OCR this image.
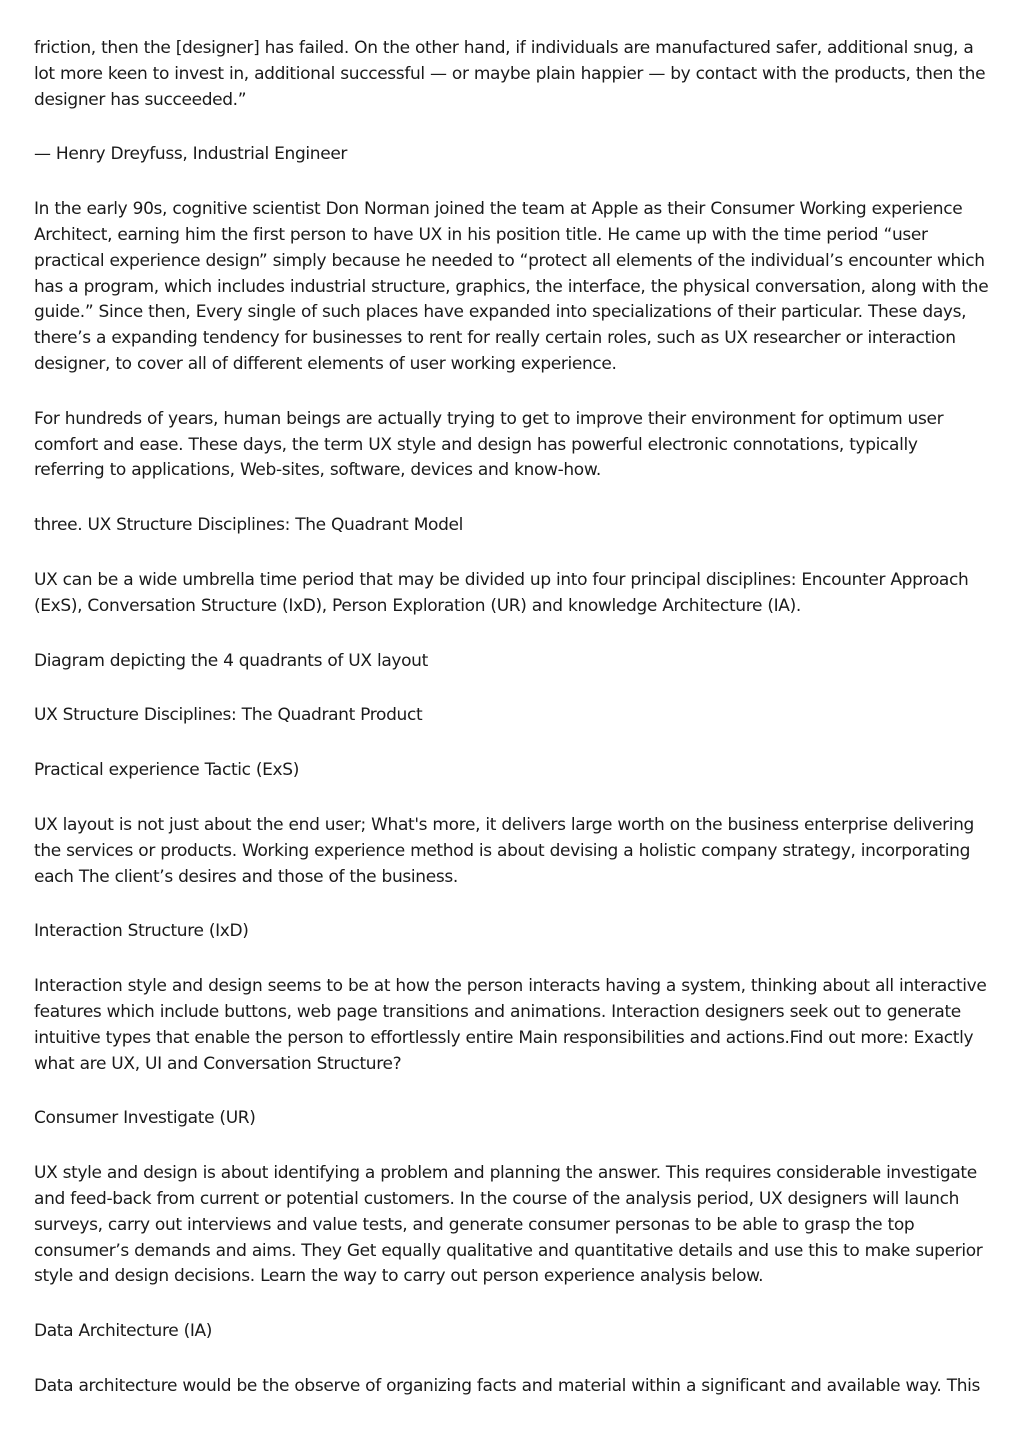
friction, then the [designer] has failed. On the other hand, if individuals are manufactured safer, additional snug, a lot more keen to invest in, additional successful — or maybe plain happier — by contact with the products, then the designer has succeeded.”

— Henry Dreyfuss, Industrial Engineer

In the early 90s, cognitive scientist Don Norman joined the team at Apple as their Consumer Working experience Architect, earning him the first person to have UX in his position title. He came up with the time period “user practical experience design” simply because he needed to “protect all elements of the individual’s encounter which has a program, which includes industrial structure, graphics, the interface, the physical conversation, along with the guide.” Since then, Every single of such places have expanded into specializations of their particular. These days, there’s a expanding tendency for businesses to rent for really certain roles, such as UX researcher or interaction designer, to cover all of different elements of user working experience.

For hundreds of years, human beings are actually trying to get to improve their environment for optimum user comfort and ease. These days, the term UX style and design has powerful electronic connotations, typically referring to applications, Web-sites, software, devices and know-how.

three. UX Structure Disciplines: The Quadrant Model

UX can be a wide umbrella time period that may be divided up into four principal disciplines: Encounter Approach (ExS), Conversation Structure (IxD), Person Exploration (UR) and knowledge Architecture (IA).

Diagram depicting the 4 quadrants of UX layout

UX Structure Disciplines: The Quadrant Product

Practical experience Tactic (ExS)

UX layout is not just about the end user; What's more, it delivers large worth on the business enterprise delivering the services or products. Working experience method is about devising a holistic company strategy, incorporating each The client’s desires and those of the business.

Interaction Structure (IxD)

Interaction style and design seems to be at how the person interacts having a system, thinking about all interactive features which include buttons, web page transitions and animations. Interaction designers seek out to generate intuitive types that enable the person to effortlessly entire Main responsibilities and actions.Find out more: Exactly what are UX, UI and Conversation Structure?

Consumer Investigate (UR)

UX style and design is about identifying a problem and planning the answer. This requires considerable investigate and feed-back from current or potential customers. In the course of the analysis period, UX designers will launch surveys, carry out interviews and value tests, and generate consumer personas to be able to grasp the top consumer’s demands and aims. They Get equally qualitative and quantitative details and use this to make superior style and design decisions. Learn the way to carry out person experience analysis below.

Data Architecture (IA)

Data architecture would be the observe of organizing facts and material within a significant and available way. This
